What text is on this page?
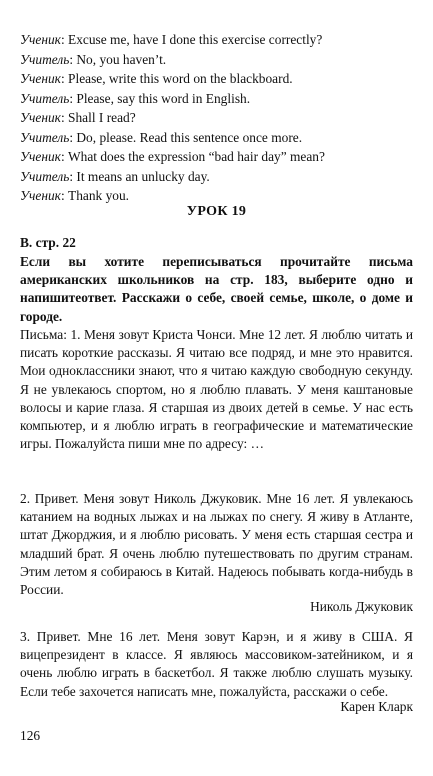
Ученик: Excuse me, have I done this exercise correctly?
Учитель: No, you haven’t.
Ученик: Please, write this word on the blackboard.
Учитель: Please, say this word in English.
Ученик: Shall I read?
Учитель: Do, please. Read this sentence once more.
Ученик: What does the expression “bad hair day” mean?
Учитель: It means an unlucky day.
Ученик: Thank you.
УРОК 19
В. стр. 22
Если вы хотите переписываться прочитайте письма американских школьников на стр. 183, выберите одно и напишитеответ. Расскажи о себе, своей семье, школе, о доме и городе.
Письма: 1. Меня зовут Криста Чонси. Мне 12 лет. Я люблю читать и писать короткие рассказы. Я читаю все подряд, и мне это нравится. Мои одноклассники знают, что я читаю каждую свободную секунду. Я не увлекаюсь спортом, но я люблю плавать. У меня каштановые волосы и карие глаза. Я старшая из двоих детей в семье. У нас есть компьютер, и я люблю играть в географические и математические игры. Пожалуйста пиши мне по адресу: …
2. Привет. Меня зовут Николь Джуковик. Мне 16 лет. Я увлекаюсь катанием на водных лыжах и на лыжах по снегу. Я живу в Атланте, штат Джорджия, и я люблю рисовать. У меня есть старшая сестра и младший брат. Я очень люблю путешествовать по другим странам. Этим летом я собираюсь в Китай. Надеюсь побывать когда-нибудь в России.
Николь Джуковик
3. Привет. Мне 16 лет. Меня зовут Карэн, и я живу в США. Я вицепрезидент в классе. Я являюсь массовиком-затейником, и я очень люблю играть в баскетбол. Я также люблю слушать музыку. Если тебе захочется написать мне, пожалуйста, расскажи о себе.
Карен Кларк
126
